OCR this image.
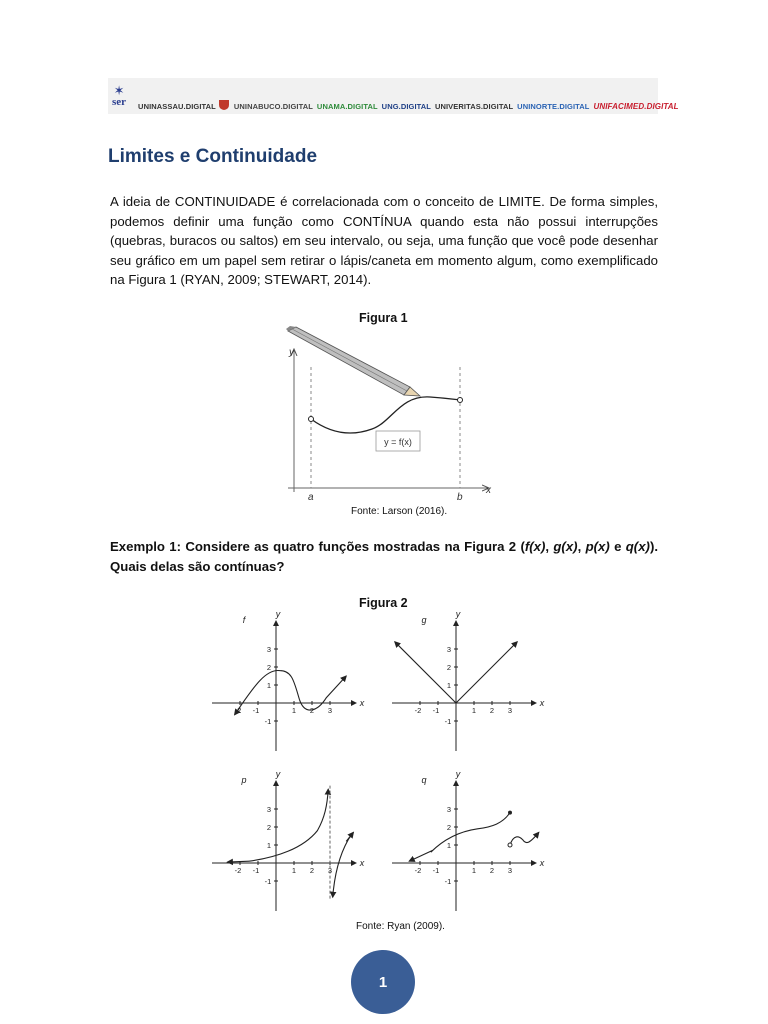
✶
ser UNINASSAU.DIGITAL UNINABUCO.DIGITAL UNAMA.DIGITAL UNG.DIGITAL UNIVERITAS.DIGITAL UNINORTE.DIGITAL UNIFACIMED.DIGITAL
Limites e Continuidade

A ideia de CONTINUIDADE é correlacionada com o conceito de LIMITE. De forma simples, podemos definir uma função como CONTÍNUA quando esta não possui interrupções (quebras, buracos ou saltos) em seu intervalo, ou seja, uma função que você pode desenhar seu gráfico em um papel sem retirar o lápis/caneta em momento algum, como exemplificado na Figura 1 (RYAN, 2009; STEWART, 2014).

Figura 1
y = f(x)
y
x
a	b
Fonte: Larson (2016).

Exemplo 1: Considere as quatro funções mostradas na Figura 2 (f(x), g(x), p(x) e q(x)). Quais delas são contínuas?

Figura 2
-2 -1	1 2 3
3
2
1
-1
x
y
f
-2 -1	1 2 3
3
2
1
-1
x
y
g
-2 -1	1 2 3
3
2
1
-1
x
y
p
-2 -1	1 2 3
3
2
1
-1
x
y
q
Fonte: Ryan (2009).
1
